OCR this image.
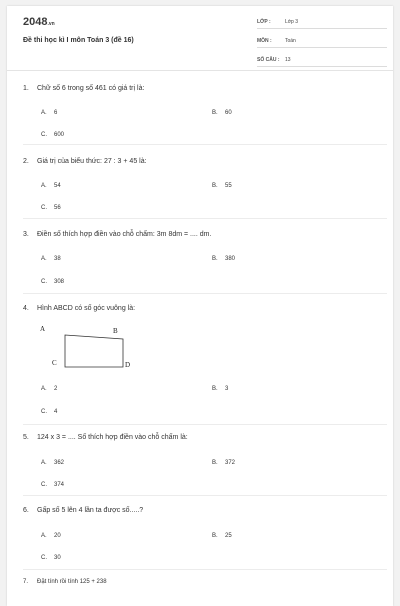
2048.vn
Đề thi học kì I môn Toán 3 (đề 16)
LỚP :	Lớp 3
MÔN :	Toán
SỐ CÂU : 13
1. Chữ số 6 trong số 461 có giá trị là:
A. 6	B. 60
C. 600
2. Giá trị của biểu thức: 27 : 3 + 45 là:
A. 54	B. 55
C. 56
3. Điền số thích hợp điền vào chỗ chấm: 3m 8dm = .... dm.
A. 38	B. 380
C. 308
4. Hình ABCD có số góc vuông là:
A	B
C	D
A. 2	B. 3
C. 4
5. 124 x 3 = .... Số thích hợp điền vào chỗ chấm là:
A. 362	B. 372
C. 374
6. Gấp số 5 lên 4 lần ta được số.....?
A. 20	B. 25
C. 30
7. Đặt tính rồi tính 125 + 238
